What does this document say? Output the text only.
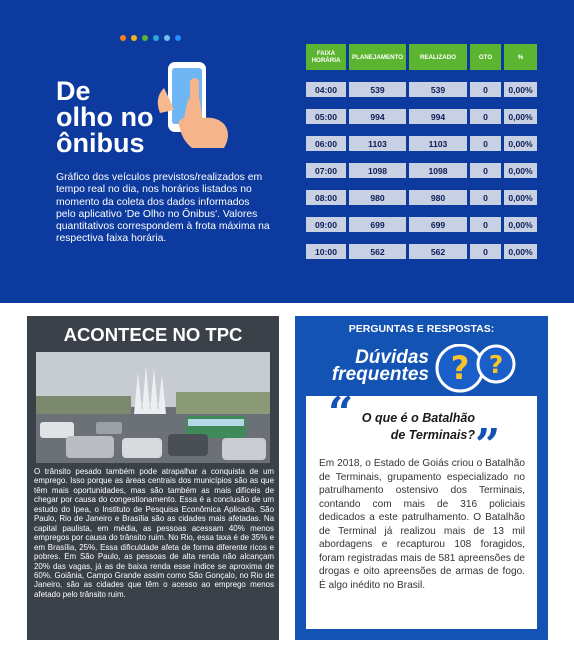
De
olho no
ônibus
Gráfico dos veículos previstos/realizados em tempo real no dia, nos horários listados no momento da coleta dos dados informados pelo aplicativo 'De Olho no Ônibus'. Valores quantitativos correspondem à frota máxima na respectiva faixa horária.
FAIXA HORÁRIA	PLANEJAMENTO	REALIZADO	GTO	%
04:00	539	539	0	0,00%
05:00	994	994	0	0,00%
06:00	1103	1103	0	0,00%
07:00	1098	1098	0	0,00%
08:00	980	980	0	0,00%
09:00	699	699	0	0,00%
10:00	562	562	0	0,00%
ACONTECE NO TPC
O trânsito pesado também pode atrapalhar a conquista de um emprego. Isso porque as áreas centrais dos municípios são as que têm mais oportunidades, mas são também as mais difíceis de chegar por causa do congestionamento. Essa é a conclusão de um estudo do Ipea, o Instituto de Pesquisa Econômica Aplicada. São Paulo, Rio de Janeiro e Brasília são as cidades mais afetadas. Na capital paulista, em média, as pessoas acessam 40% menos empregos por causa do trânsito ruim. No Rio, essa taxa é de 35% e em Brasília, 25%. Essa dificuldade afeta de forma diferente ricos e pobres. Em São Paulo, as pessoas de alta renda não alcançam 20% das vagas, já as de baixa renda esse índice se aproxima de 60%. Goiânia, Campo Grande assim como São Gonçalo, no Rio de Janeiro, são as cidades que têm o acesso ao emprego menos afetado pelo trânsito ruim.
PERGUNTAS E RESPOSTAS:
Dúvidas
frequentes ? ?
“ O que é o Batalhão
de Terminais? ”
Em 2018, o Estado de Goiás criou o Batalhão de Terminais, grupamento especializado no patrulhamento ostensivo dos Terminais, contando com mais de 316 policiais dedicados a este patrulhamento. O Batalhão de Terminal já realizou mais de 13 mil abordagens e recapturou 108 foragidos, foram registradas mais de 581 apreensões de drogas e oito apreensões de armas de fogo. É algo inédito no Brasil.
